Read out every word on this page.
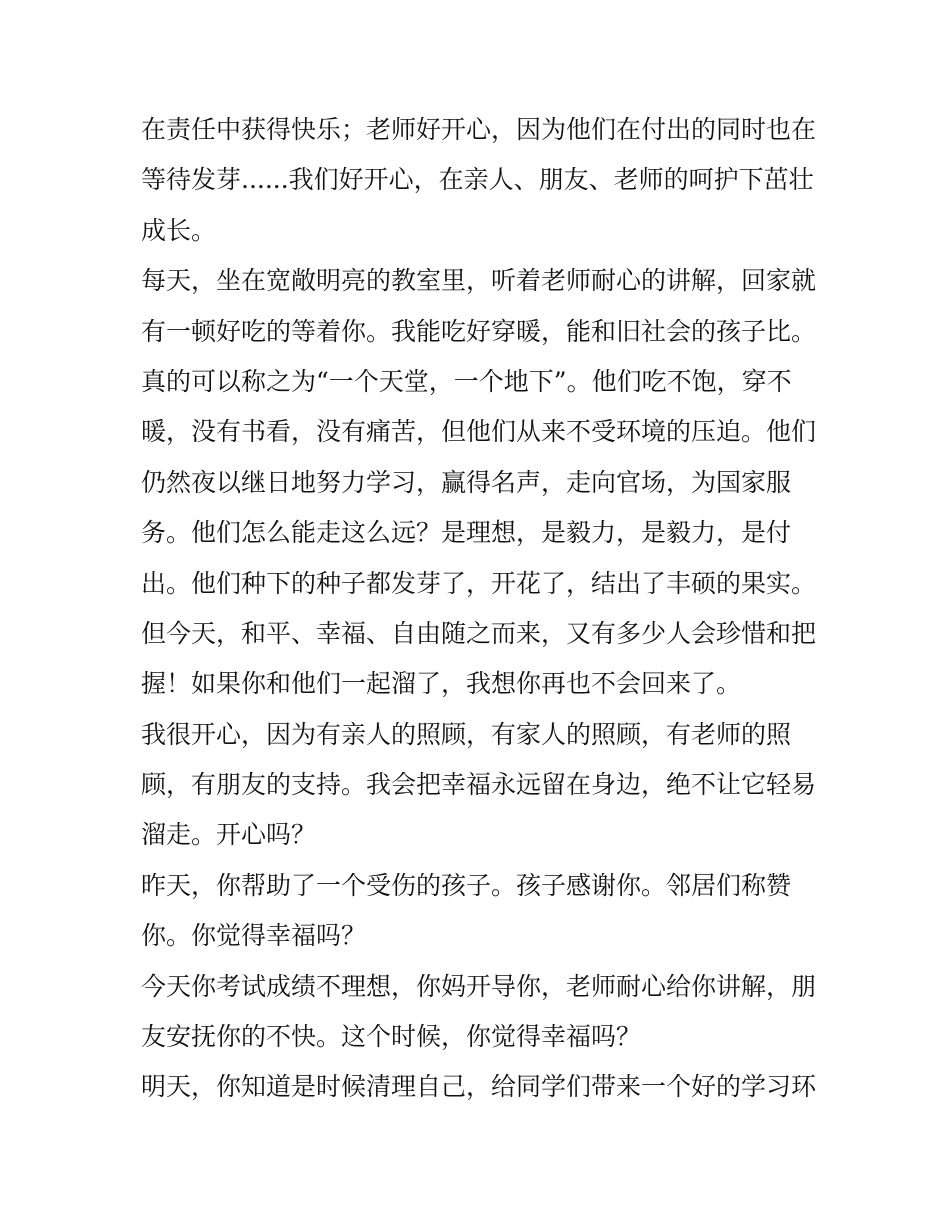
在责任中获得快乐；老师好开心，因为他们在付出的同时也在
等待发芽......我们好开心，在亲人、朋友、老师的呵护下茁壮
成长。
每天，坐在宽敞明亮的教室里，听着老师耐心的讲解，回家就
有一顿好吃的等着你。我能吃好穿暖，能和旧社会的孩子比。
真的可以称之为“一个天堂，一个地下”。他们吃不饱，穿不
暖，没有书看，没有痛苦，但他们从来不受环境的压迫。他们
仍然夜以继日地努力学习，赢得名声，走向官场，为国家服
务。他们怎么能走这么远？是理想，是毅力，是毅力，是付
出。他们种下的种子都发芽了，开花了，结出了丰硕的果实。
但今天，和平、幸福、自由随之而来，又有多少人会珍惜和把
握！如果你和他们一起溜了，我想你再也不会回来了。
我很开心，因为有亲人的照顾，有家人的照顾，有老师的照
顾，有朋友的支持。我会把幸福永远留在身边，绝不让它轻易
溜走。开心吗？
昨天，你帮助了一个受伤的孩子。孩子感谢你。邻居们称赞
你。你觉得幸福吗？
今天你考试成绩不理想，你妈开导你，老师耐心给你讲解，朋
友安抚你的不快。这个时候，你觉得幸福吗？
明天，你知道是时候清理自己，给同学们带来一个好的学习环
